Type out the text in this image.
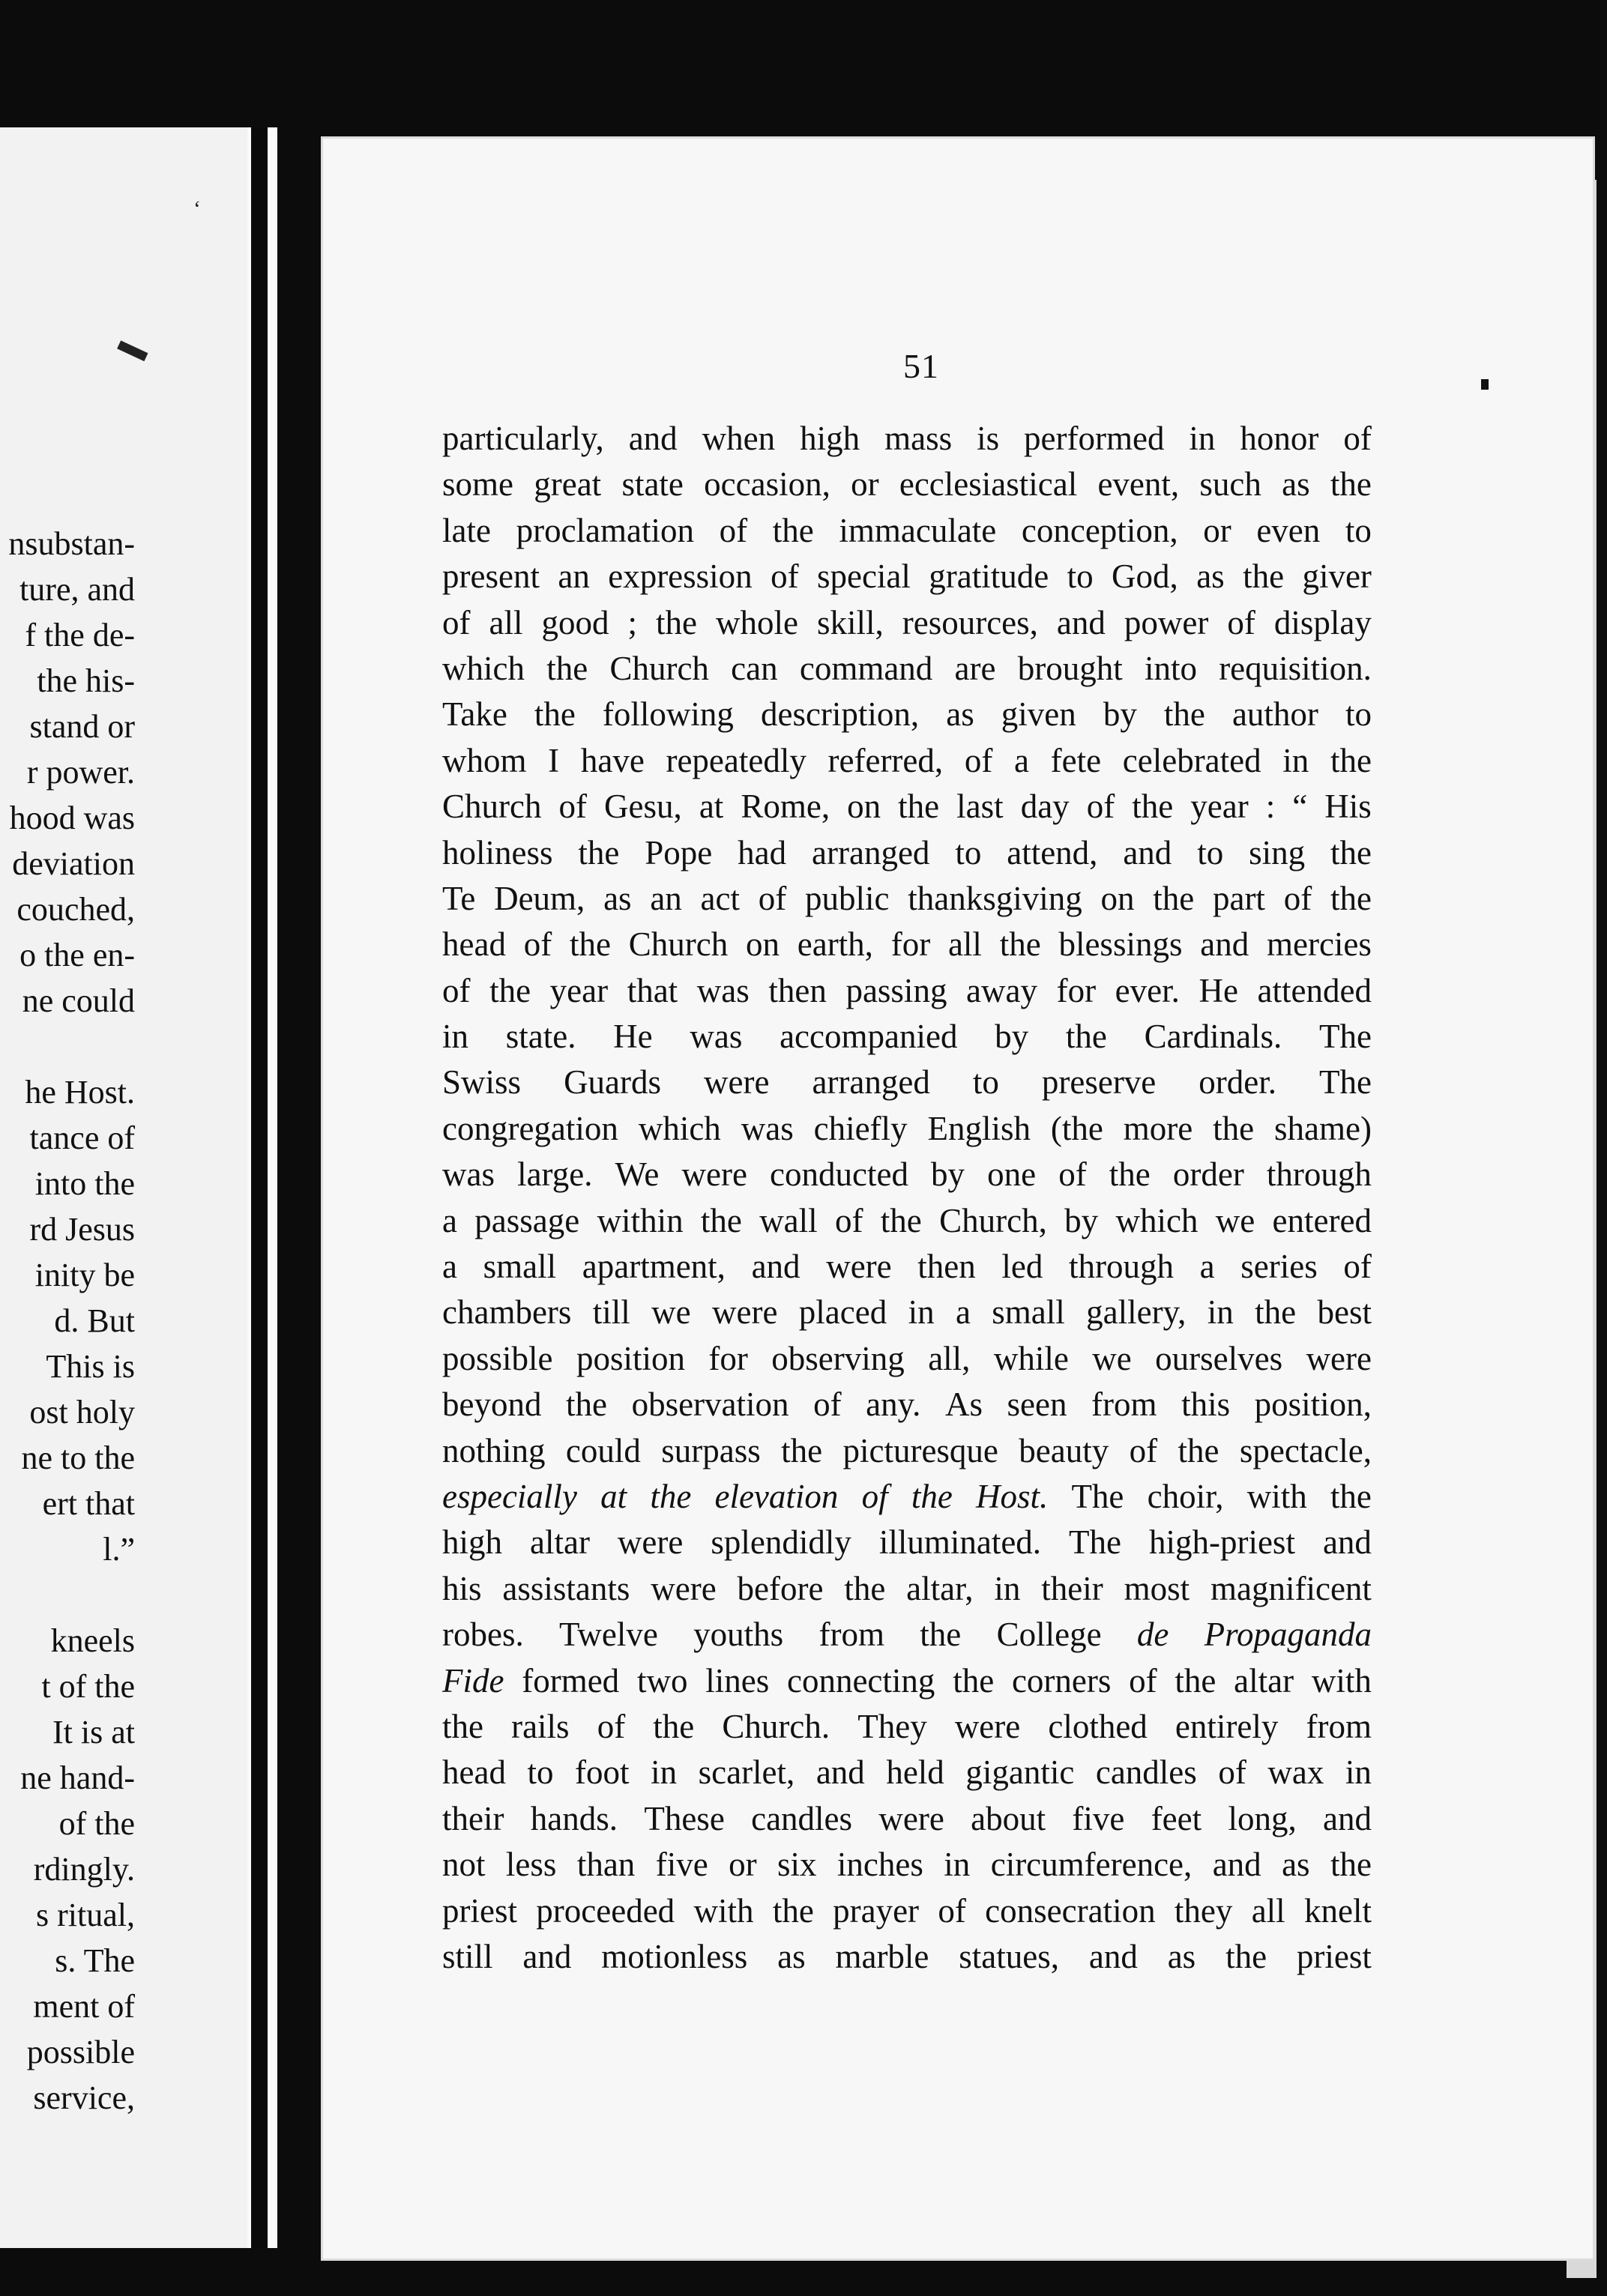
‘
▬
nsubstan-
ture, and
f the de-
the his-
stand or
r power.
hood was
deviation
couched,
o the en-
ne could

he Host.
tance of
into the
rd Jesus
inity be
d. But
This is
ost holy
ne to the
ert that
l.”

kneels
t of the
It is at
ne hand-
of the
rdingly.
s ritual,
s. The
ment of
possible
service,
51
particularly, and when high mass is performed in honor of
some great state occasion, or ecclesiastical event, such as the
late proclamation of the immaculate conception, or even to
present an expression of special gratitude to God, as the giver
of all good ; the whole skill, resources, and power of display
which the Church can command are brought into requisition.
Take the following description, as given by the author to
whom I have repeatedly referred, of a fete celebrated in the
Church of Gesu, at Rome, on the last day of the year : “ His
holiness the Pope had arranged to attend, and to sing the
Te Deum, as an act of public thanksgiving on the part of the
head of the Church on earth, for all the blessings and mercies
of the year that was then passing away for ever. He attended
in state. He was accompanied by the Cardinals. The
Swiss Guards were arranged to preserve order. The
congregation which was chiefly English (the more the shame)
was large. We were conducted by one of the order through
a passage within the wall of the Church, by which we entered
a small apartment, and were then led through a series of
chambers till we were placed in a small gallery, in the best
possible position for observing all, while we ourselves were
beyond the observation of any. As seen from this position,
nothing could surpass the picturesque beauty of the spectacle,
especially at the elevation of the Host. The choir, with the
high altar were splendidly illuminated. The high-priest and
his assistants were before the altar, in their most magnificent
robes. Twelve youths from the College de Propaganda
Fide formed two lines connecting the corners of the altar with
the rails of the Church. They were clothed entirely from
head to foot in scarlet, and held gigantic candles of wax in
their hands. These candles were about five feet long, and
not less than five or six inches in circumference, and as the
priest proceeded with the prayer of consecration they all knelt
still and motionless as marble statues, and as the priest
